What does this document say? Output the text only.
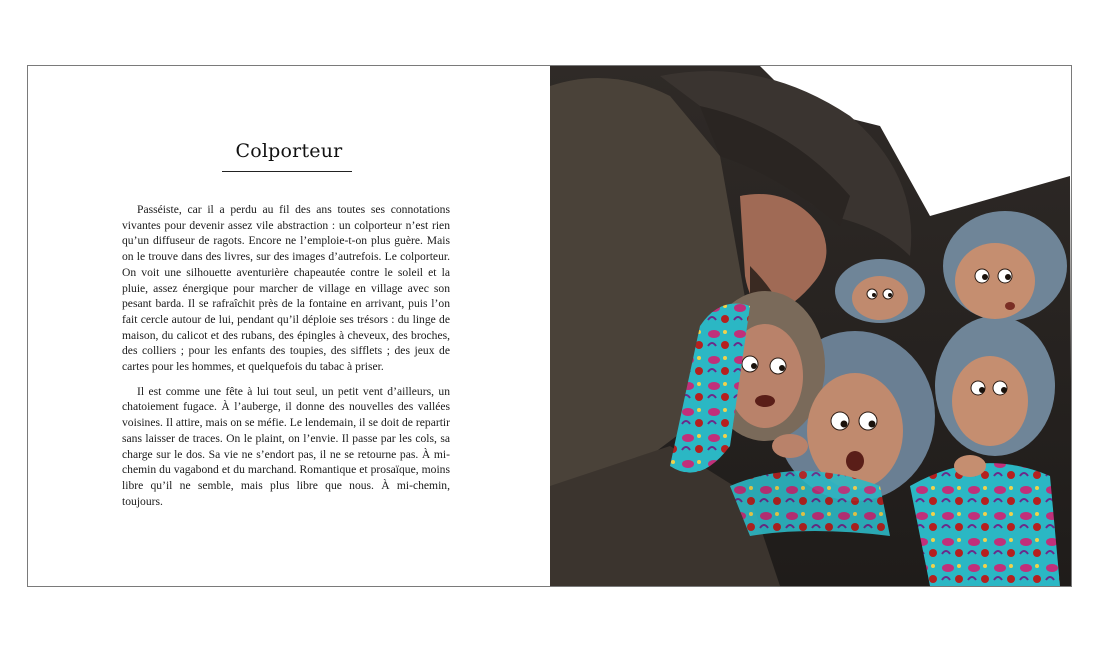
Colporteur

Passéiste, car il a perdu au fil des ans toutes ses connotations vivantes pour devenir assez vile abstraction : un colporteur n’est rien qu’un diffuseur de ragots. Encore ne l’emploie-t-on plus guère. Mais on le trouve dans des livres, sur des images d’autrefois. Le colporteur. On voit une silhouette aventurière chapeautée contre le soleil et la pluie, assez énergique pour marcher de village en village avec son pesant barda. Il se rafraîchit près de la fontaine en arrivant, puis l’on fait cercle autour de lui, pendant qu’il déploie ses trésors : du linge de maison, du calicot et des rubans, des épingles à cheveux, des broches, des colliers ; pour les enfants des toupies, des sifflets ; des jeux de cartes pour les hommes, et quelquefois du tabac à priser.

Il est comme une fête à lui tout seul, un petit vent d’ailleurs, un chatoiement fugace. À l’auberge, il donne des nouvelles des vallées voisines. Il attire, mais on se méfie. Le lendemain, il se doit de repartir sans laisser de traces. On le plaint, on l’envie. Il passe par les cols, sa charge sur le dos. Sa vie ne s’endort pas, il ne se retourne pas. À mi-chemin du vagabond et du marchand. Romantique et prosaïque, moins libre qu’il ne semble, mais plus libre que nous. À mi-chemin, toujours.
